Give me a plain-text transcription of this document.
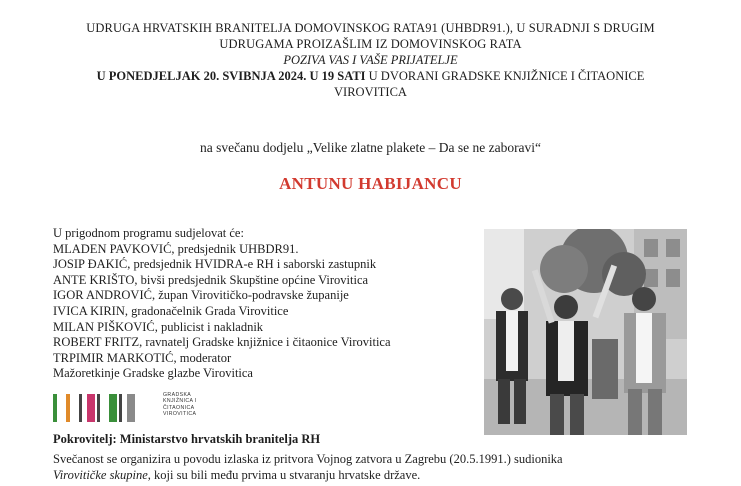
UDRUGA HRVATSKIH BRANITELJA DOMOVINSKOG RATA91 (UHBDR91.), U SURADNJI S DRUGIM
UDRUGAMA PROIZAŠLIM IZ DOMOVINSKOG RATA
POZIVA VAS I VAŠE PRIJATELJE
U PONEDJELJAK 20. SVIBNJA 2024. U 19 SATI U DVORANI GRADSKE KNJIŽNICE I ČITAONICE
VIROVITICA
na svečanu dodjelu „Velike zlatne plakete – Da se ne zaboravi“
ANTUNU HABIJANCU
U prigodnom programu sudjelovat će:
MLADEN PAVKOVIĆ, predsjednik UHBDR91.
JOSIP ĐAKIĆ, predsjednik HVIDRA-e RH i saborski zastupnik
ANTE KRIŠTO, bivši predsjednik Skupštine općine Virovitica
IGOR ANDROVIĆ, župan Virovitičko-podravske županije
IVICA KIRIN, gradonačelnik Grada Virovitice
MILAN PIŠKOVIĆ, publicist i nakladnik
ROBERT FRITZ, ravnatelj Gradske knjižnice i čitaonice Virovitica
TRPIMIR MARKOTIĆ, moderator
Mažoretkinje Gradske glazbe Virovitica
GRADSKA
KNJIŽNICA I
ČITAONICA
VIROVITICA
Pokrovitelj: Ministarstvo hrvatskih branitelja RH
Svečanost se organizira u povodu izlaska iz pritvora Vojnog zatvora u Zagrebu (20.5.1991.) sudionika
Virovitičke skupine, koji su bili među prvima u stvaranju hrvatske države.
